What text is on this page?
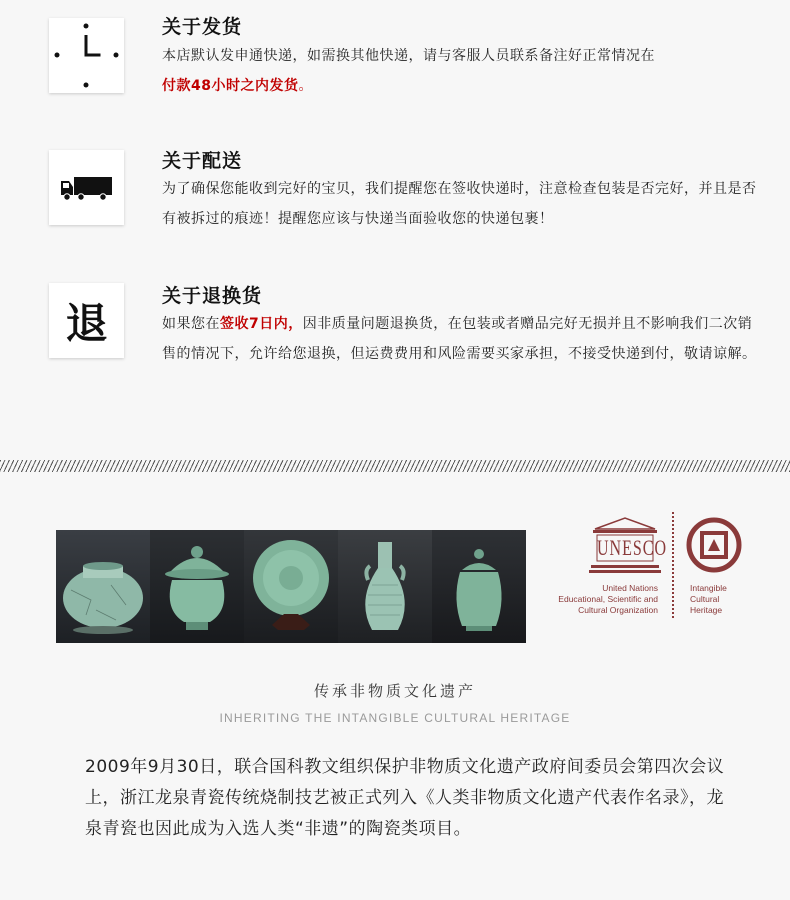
关于发货
本店默认发申通快递，如需换其他快递，请与客服人员联系备注好正常情况在
付款48小时之内发货。
关于配送
为了确保您能收到完好的宝贝，我们提醒您在签收快递时，注意检查包装是否完好，并且是否有被拆过的痕迹！提醒您应该与快递当面验收您的快递包裹！
退
关于退换货
如果您在签收7日内，因非质量问题退换货，在包装或者赠品完好无损并且不影响我们二次销售的情况下，允许给您退换，但运费费用和风险需要买家承担，不接受快递到付，敬请谅解。
UNESCO
United Nations
Educational, Scientific and
Cultural Organization
Intangible
Cultural
Heritage
传承非物质文化遗产
INHERITING THE INTANGIBLE CULTURAL HERITAGE
2009年9月30日，联合国科教文组织保护非物质文化遗产政府间委员会第四次会议上，浙江龙泉青瓷传统烧制技艺被正式列入《人类非物质文化遗产代表作名录》，龙泉青瓷也因此成为入选人类“非遗”的陶瓷类项目。
